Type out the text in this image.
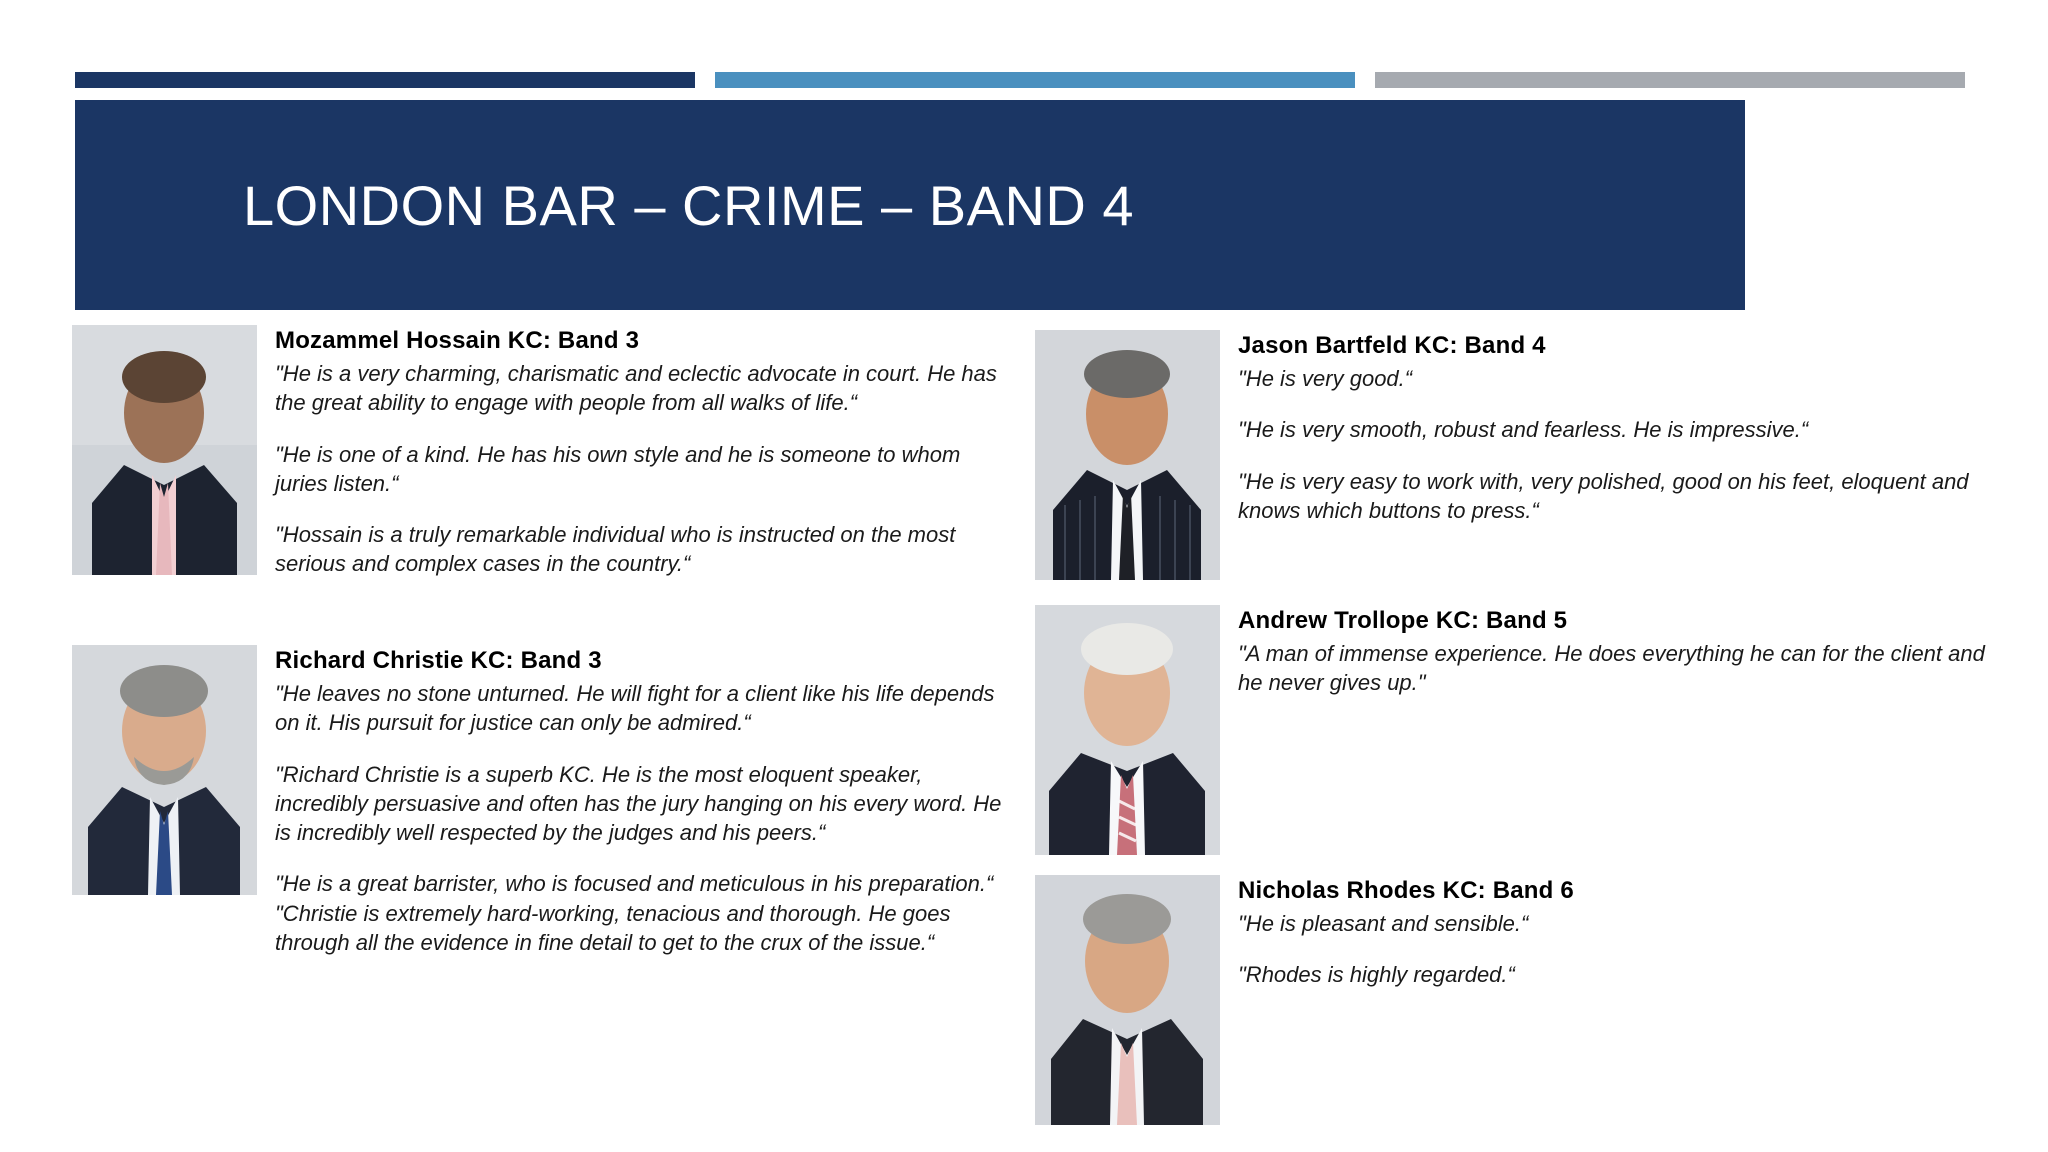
LONDON BAR – CRIME – BAND 4

Mozammel Hossain KC: Band 3

"He is a very charming, charismatic and eclectic advocate in court. He has the great ability to engage with people from all walks of life.“

"He is one of a kind. He has his own style and he is someone to whom juries listen.“

"Hossain is a truly remarkable individual who is instructed on the most serious and complex cases in the country.“

Richard Christie KC: Band 3

"He leaves no stone unturned. He will fight for a client like his life depends on it. His pursuit for justice can only be admired.“

"Richard Christie is a superb KC. He is the most eloquent speaker, incredibly persuasive and often has the jury hanging on his every word. He is incredibly well respected by the judges and his peers.“

"He is a great barrister, who is focused and meticulous in his preparation.“

"Christie is extremely hard-working, tenacious and thorough. He goes through all the evidence in fine detail to get to the crux of the issue.“

Jason Bartfeld KC: Band 4

"He is very good.“

"He is very smooth, robust and fearless. He is impressive.“

"He is very easy to work with, very polished, good on his feet, eloquent and knows which buttons to press.“

Andrew Trollope KC: Band 5

"A man of immense experience. He does everything he can for the client and he never gives up."

Nicholas Rhodes KC: Band 6

"He is pleasant and sensible.“

"Rhodes is highly regarded.“
